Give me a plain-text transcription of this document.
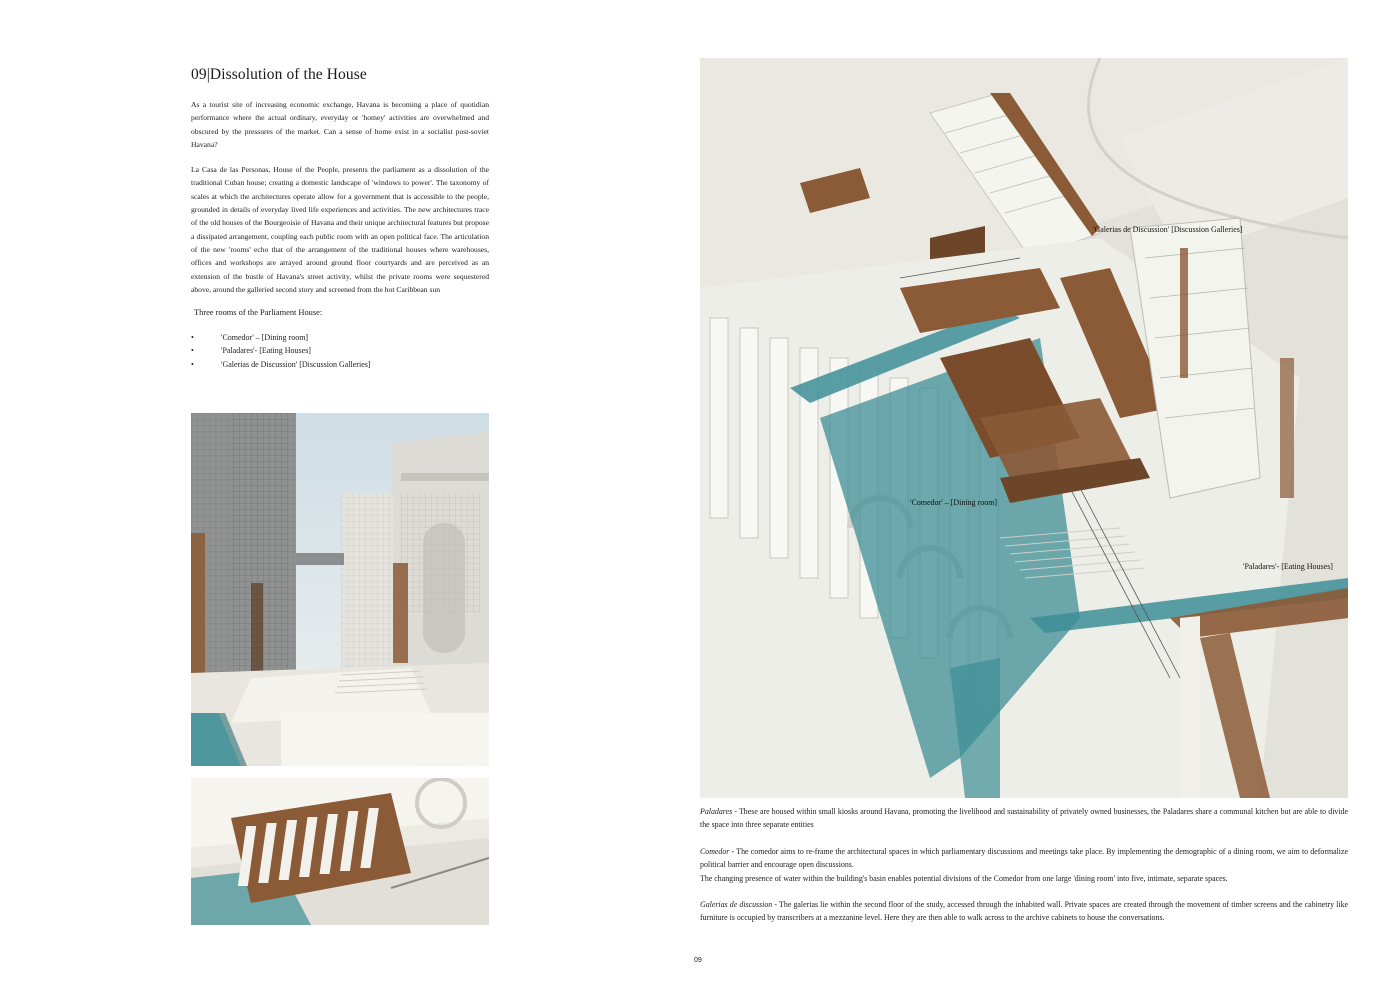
09|Dissolution of the House

As a tourist site of increasing economic exchange, Havana is becoming a place of quotidian performance where the actual ordinary, everyday or 'homey' activities are overwhelmed and obscured by the pressures of the market. Can a sense of home exist in a socialist post-soviet Havana?

La Casa de las Personas, House of the People, presents the parliament as a dissolution of the traditional Cuban house; creating a domestic landscape of 'windows to power'. The taxonomy of scales at which the architectures operate allow for a government that is accessible to the people, grounded in details of everyday lived life experiences and activities. The new architectures trace of the old houses of the Bourgeoisie of Havana and their unique architectural features but propose a dissipated arrangement, coupling each public room with an open political face. The articulation of the new 'rooms' echo that of the arrangement of the traditional houses where warehouses, offices and workshops are arrayed around ground floor courtyards and are perceived as an extension of the bustle of Havana's street activity, whilst the private rooms were sequestered above, around the galleried second story and screened from the hot Caribbean sun

Three rooms of the Parliament House:
•	'Comedor' – [Dining room]
•	'Paladares'- [Eating Houses]
•	'Galerias de Discussion' [Discussion Galleries]
'Galerias de Discussion' [Discussion Galleries]
'Comedor' – [Dining room]
'Paladares'- [Eating Houses]

Paladares - These are housed within small kiosks around Havana, promoting the livelihood and sustainability of privately owned businesses, the Paladares share a communal kitchen but are able to divide the space into three separate entities

Comedor - The comedor aims to re-frame the architectural spaces in which parliamentary discussions and meetings take place. By implementing the demographic of a dining room, we aim to deformalize political barrier and encourage open discussions.

The changing presence of water within the building's basin enables potential divisions of the Comedor from one large 'dining room' into five, intimate, separate spaces.

Galerias de discussion - The galerias lie within the second floor of the study, accessed through the inhabited wall. Private spaces are created through the movement of timber screens and the cabinetry like furniture is occupied by transcribers at a mezzanine level. Here they are then able to walk across to the archive cabinets to house the conversations.

09
